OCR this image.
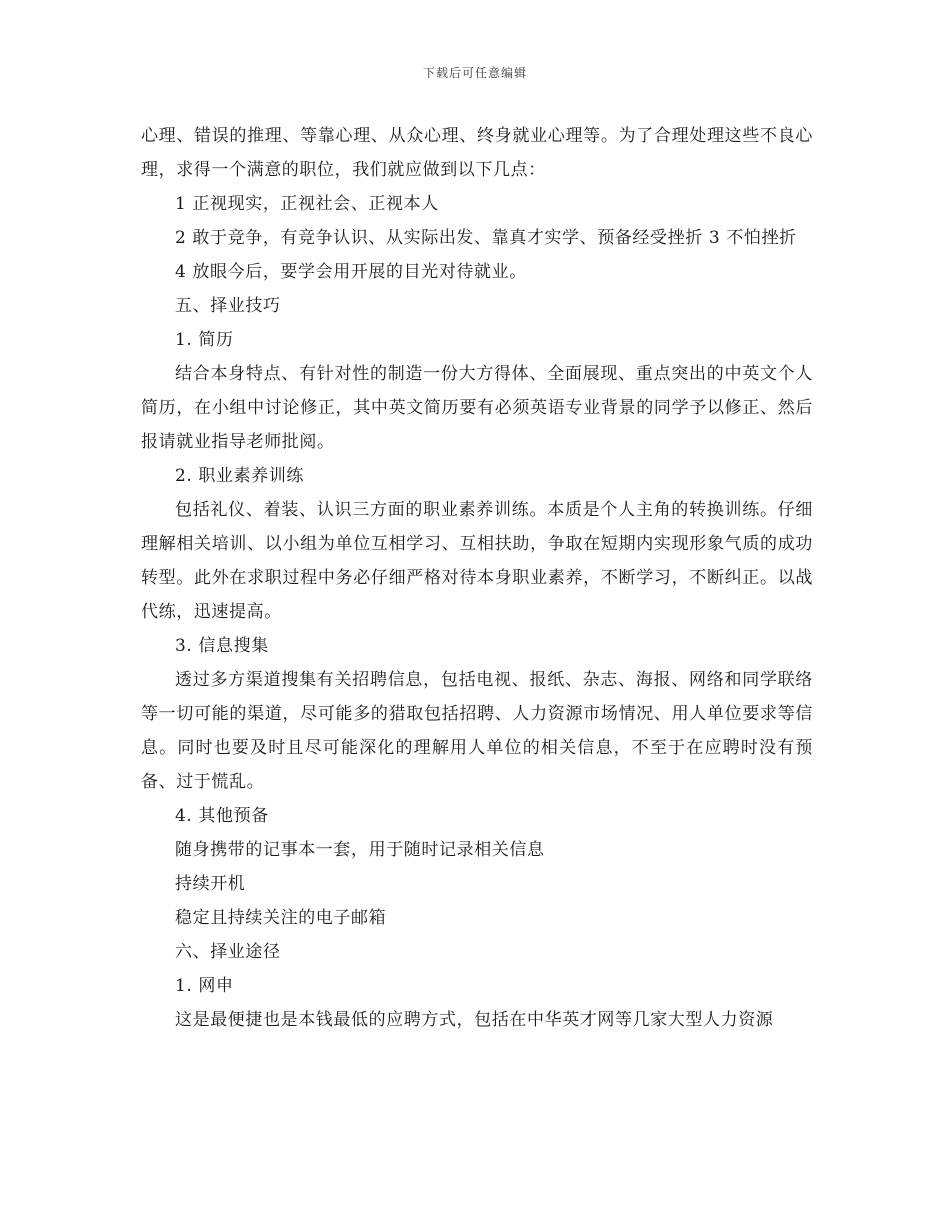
下载后可任意编辑

心理、错误的推理、等靠心理、从众心理、终身就业心理等。为了合理处理这些不良心理，求得一个满意的职位，我们就应做到以下几点：

1 正视现实，正视社会、正视本人

2 敢于竞争，有竞争认识、从实际出发、靠真才实学、预备经受挫折 3 不怕挫折

4 放眼今后，要学会用开展的目光对待就业。

五、择业技巧

1. 简历

结合本身特点、有针对性的制造一份大方得体、全面展现、重点突出的中英文个人简历，在小组中讨论修正，其中英文简历要有必须英语专业背景的同学予以修正、然后报请就业指导老师批阅。

2. 职业素养训练

包括礼仪、着装、认识三方面的职业素养训练。本质是个人主角的转换训练。仔细理解相关培训、以小组为单位互相学习、互相扶助，争取在短期内实现形象气质的成功转型。此外在求职过程中务必仔细严格对待本身职业素养，不断学习，不断纠正。以战代练，迅速提高。

3. 信息搜集

透过多方渠道搜集有关招聘信息，包括电视、报纸、杂志、海报、网络和同学联络等一切可能的渠道，尽可能多的猎取包括招聘、人力资源市场情况、用人单位要求等信息。同时也要及时且尽可能深化的理解用人单位的相关信息，不至于在应聘时没有预备、过于慌乱。

4. 其他预备

随身携带的记事本一套，用于随时记录相关信息

持续开机

稳定且持续关注的电子邮箱

六、择业途径

1. 网申

这是最便捷也是本钱最低的应聘方式，包括在中华英才网等几家大型人力资源
